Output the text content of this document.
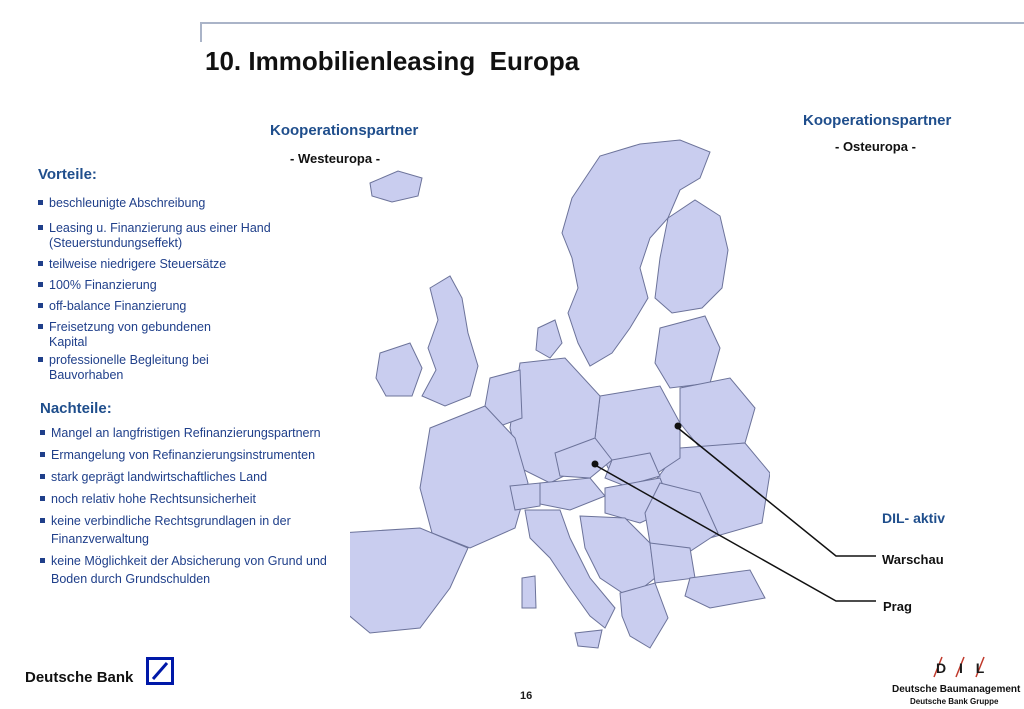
10. Immobilienleasing  Europa
Kooperationspartner
- Westeuropa -
Kooperationspartner
- Osteuropa -
Vorteile:
beschleunigte Abschreibung
Leasing u. Finanzierung aus einer Hand
(Steuerstundungseffekt)
teilweise niedrigere Steuersätze
100% Finanzierung
off-balance Finanzierung
Freisetzung von gebundenen
Kapital
professionelle Begleitung bei
Bauvorhaben
Nachteile:
Mangel an langfristigen Refinanzierungspartnern
Ermangelung von Refinanzierungsinstrumenten
stark geprägt landwirtschaftliches Land
noch relativ hohe Rechtsunsicherheit
keine verbindliche Rechtsgrundlagen in der
Finanzverwaltung
keine Möglichkeit der Absicherung von Grund und
Boden durch Grundschulden
DIL- aktiv
Warschau
Prag
Deutsche Bank
16
D I L
Deutsche Baumanagement
Deutsche Bank Gruppe
